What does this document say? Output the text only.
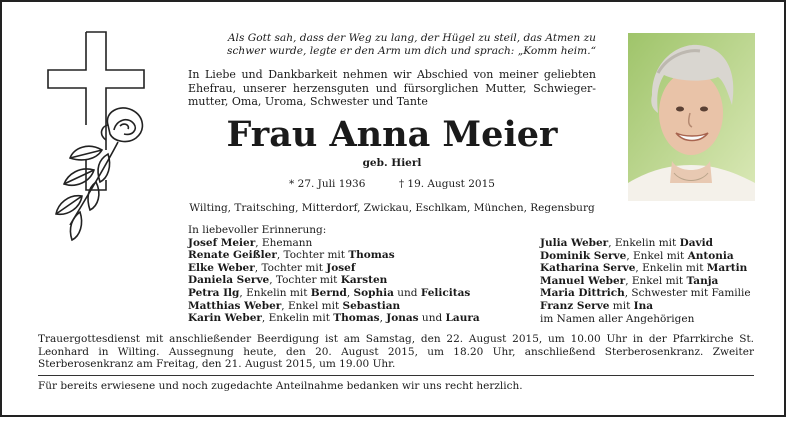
Als Gott sah, dass der Weg zu lang, der Hügel zu steil, das Atmen zu
schwer wurde, legte er den Arm um dich und sprach: „Komm heim.“
In Liebe und Dankbarkeit nehmen wir Abschied von meiner geliebten Ehefrau, unserer herzensguten und fürsorglichen Mutter, Schwieger-mutter, Oma, Uroma, Schwester und Tante
Frau Anna Meier
geb. Hierl
* 27. Juli 1936	† 19. August 2015
Wilting, Traitsching, Mitterdorf, Zwickau, Eschlkam, München, Regensburg
In liebevoller Erinnerung:
Josef Meier, Ehemann
Renate Geißler, Tochter mit Thomas
Elke Weber, Tochter mit Josef
Daniela Serve, Tochter mit Karsten
Petra Ilg, Enkelin mit Bernd, Sophia und Felicitas
Matthias Weber, Enkel mit Sebastian
Karin Weber, Enkelin mit Thomas, Jonas und Laura
Julia Weber, Enkelin mit David
Dominik Serve, Enkel mit Antonia
Katharina Serve, Enkelin mit Martin
Manuel Weber, Enkel mit Tanja
Maria Dittrich, Schwester mit Familie
Franz Serve mit Ina
im Namen aller Angehörigen
Trauergottesdienst mit anschließender Beerdigung ist am Samstag, den 22. August 2015, um 10.00 Uhr in der Pfarrkirche St. Leonhard in Wilting. Aussegnung heute, den 20. August 2015, um 18.20 Uhr, anschließend Sterberosenkranz. Zweiter Sterberosenkranz am Freitag, den 21. August 2015, um 19.00 Uhr.
Für bereits erwiesene und noch zugedachte Anteilnahme bedanken wir uns recht herzlich.
